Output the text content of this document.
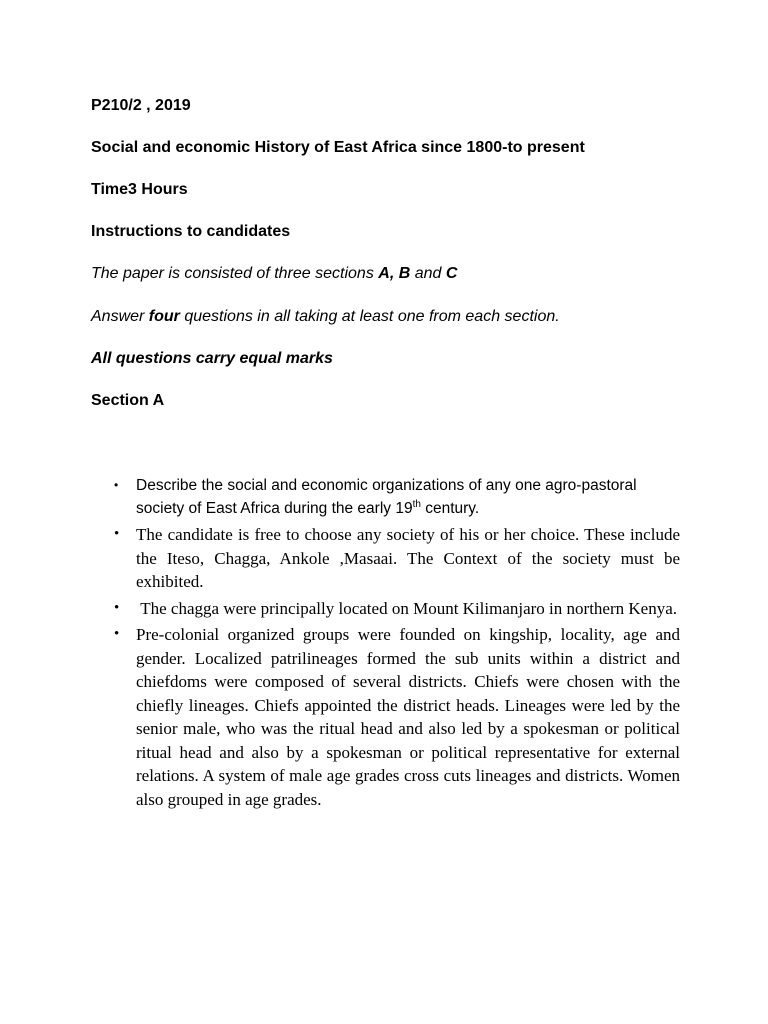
P210/2 , 2019
Social and economic History of East Africa since 1800-to present
Time3 Hours
Instructions to candidates
The paper is consisted of three sections A, B and C
Answer four questions in all taking at least one from each section.
All questions carry equal marks
Section A
• Describe the social and economic organizations of any one agro-pastoral society of East Africa during the early 19th century.
• The candidate is free to choose any society of his or her choice. These include the Iteso, Chagga, Ankole ,Masaai. The Context of the society must be exhibited.
• The chagga were principally located on Mount Kilimanjaro in northern Kenya.
• Pre-colonial organized groups were founded on kingship, locality, age and gender. Localized patrilineages formed the sub units within a district and chiefdoms were composed of several districts. Chiefs were chosen with the chiefly lineages. Chiefs appointed the district heads. Lineages were led by the senior male, who was the ritual head and also led by a spokesman or political ritual head and also by a spokesman or political representative for external relations. A system of male age grades cross cuts lineages and districts. Women also grouped in age grades.
